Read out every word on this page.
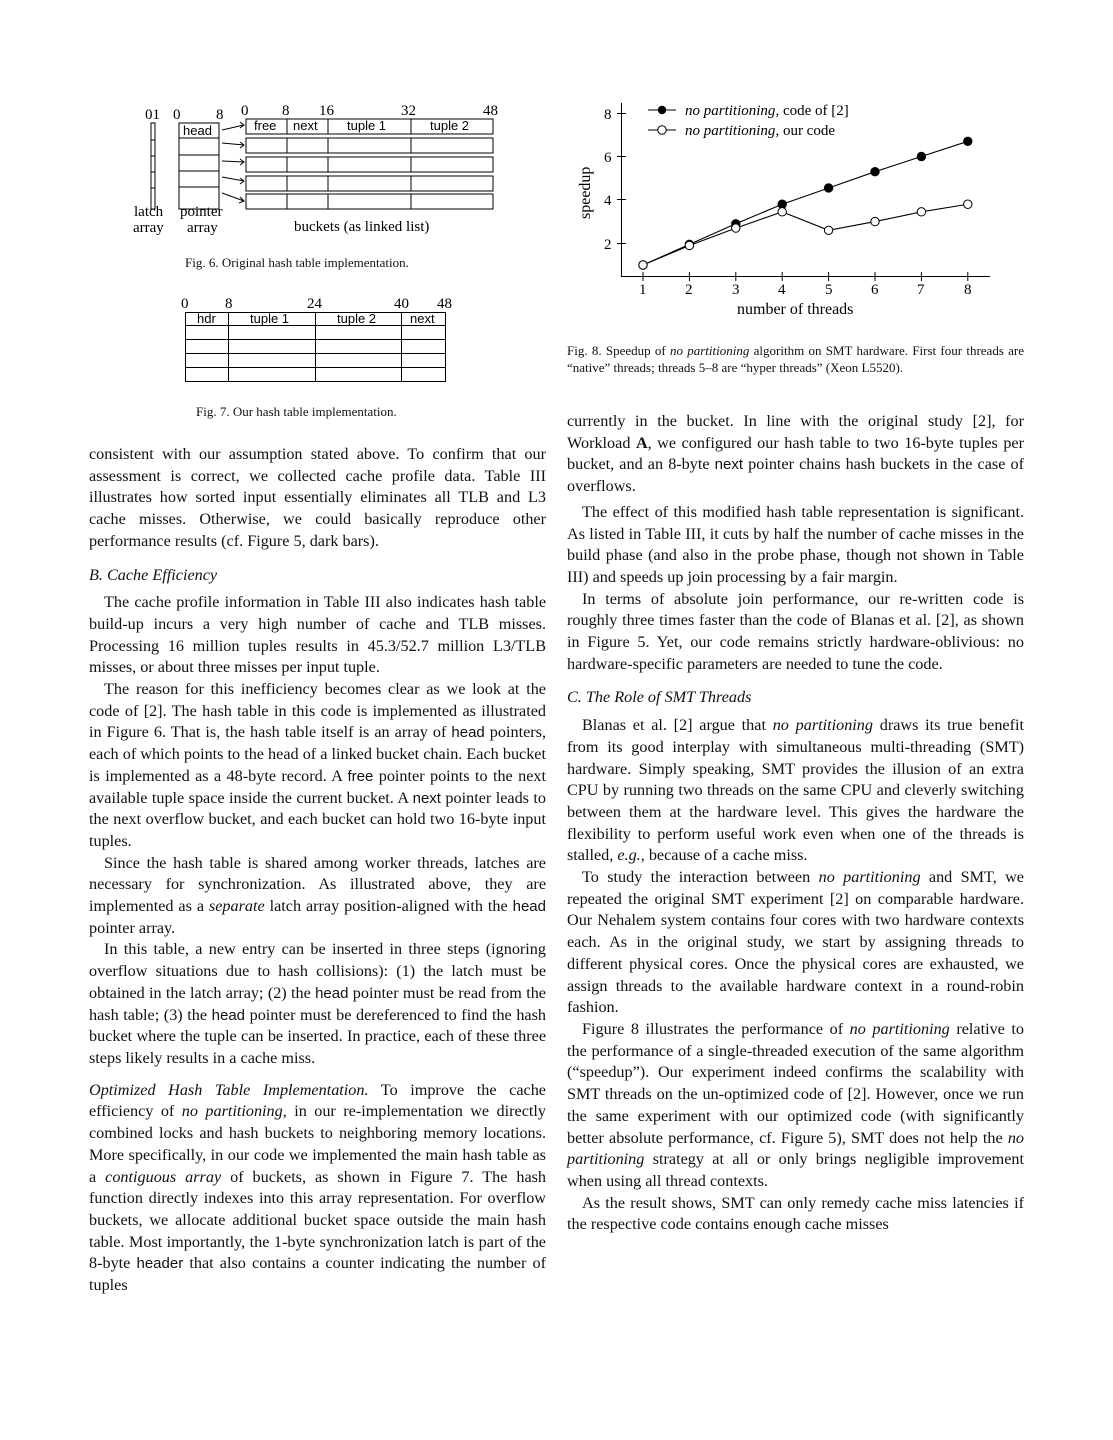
01 0 8 0 8 16	32	48
head	free next tuple 1	tuple 2
latch
array
pointer
array	buckets (as linked list)
Fig. 6. Original hash table implementation.
0 8	24	40 48
hdr	tuple 1	tuple 2	next
Fig. 7. Our hash table implementation.
8
6
4
2
1	2	3	4	5	6	7	8
number of threads
speedup
no partitioning, code of [2]
no partitioning, our code
Fig. 8. Speedup of no partitioning algorithm on SMT hardware. First four threads are “native” threads; threads 5–8 are “hyper threads” (Xeon L5520).

consistent with our assumption stated above. To confirm that our assessment is correct, we collected cache profile data. Table III illustrates how sorted input essentially eliminates all TLB and L3 cache misses. Otherwise, we could basically reproduce other performance results (cf. Figure 5, dark bars).

B. Cache Efficiency

The cache profile information in Table III also indicates hash table build-up incurs a very high number of cache and TLB misses. Processing 16 million tuples results in 45.3/52.7 million L3/TLB misses, or about three misses per input tuple.

The reason for this inefficiency becomes clear as we look at the code of [2]. The hash table in this code is implemented as illustrated in Figure 6. That is, the hash table itself is an array of head pointers, each of which points to the head of a linked bucket chain. Each bucket is implemented as a 48-byte record. A free pointer points to the next available tuple space inside the current bucket. A next pointer leads to the next overflow bucket, and each bucket can hold two 16-byte input tuples.

Since the hash table is shared among worker threads, latches are necessary for synchronization. As illustrated above, they are implemented as a separate latch array position-aligned with the head pointer array.

In this table, a new entry can be inserted in three steps (ignoring overflow situations due to hash collisions): (1) the latch must be obtained in the latch array; (2) the head pointer must be read from the hash table; (3) the head pointer must be dereferenced to find the hash bucket where the tuple can be inserted. In practice, each of these three steps likely results in a cache miss.

Optimized Hash Table Implementation. To improve the cache efficiency of no partitioning, in our re-implementation we directly combined locks and hash buckets to neighboring memory locations. More specifically, in our code we implemented the main hash table as a contiguous array of buckets, as shown in Figure 7. The hash function directly indexes into this array representation. For overflow buckets, we allocate additional bucket space outside the main hash table. Most importantly, the 1-byte synchronization latch is part of the 8-byte header that also contains a counter indicating the number of tuples

currently in the bucket. In line with the original study [2], for Workload A, we configured our hash table to two 16-byte tuples per bucket, and an 8-byte next pointer chains hash buckets in the case of overflows.

The effect of this modified hash table representation is significant. As listed in Table III, it cuts by half the number of cache misses in the build phase (and also in the probe phase, though not shown in Table III) and speeds up join processing by a fair margin.

In terms of absolute join performance, our re-written code is roughly three times faster than the code of Blanas et al. [2], as shown in Figure 5. Yet, our code remains strictly hardware-oblivious: no hardware-specific parameters are needed to tune the code.

C. The Role of SMT Threads

Blanas et al. [2] argue that no partitioning draws its true benefit from its good interplay with simultaneous multi-threading (SMT) hardware. Simply speaking, SMT provides the illusion of an extra CPU by running two threads on the same CPU and cleverly switching between them at the hardware level. This gives the hardware the flexibility to perform useful work even when one of the threads is stalled, e.g., because of a cache miss.

To study the interaction between no partitioning and SMT, we repeated the original SMT experiment [2] on comparable hardware. Our Nehalem system contains four cores with two hardware contexts each. As in the original study, we start by assigning threads to different physical cores. Once the physical cores are exhausted, we assign threads to the available hardware context in a round-robin fashion.

Figure 8 illustrates the performance of no partitioning relative to the performance of a single-threaded execution of the same algorithm (“speedup”). Our experiment indeed confirms the scalability with SMT threads on the un-optimized code of [2]. However, once we run the same experiment with our optimized code (with significantly better absolute performance, cf. Figure 5), SMT does not help the no partitioning strategy at all or only brings negligible improvement when using all thread contexts.

As the result shows, SMT can only remedy cache miss latencies if the respective code contains enough cache misses
